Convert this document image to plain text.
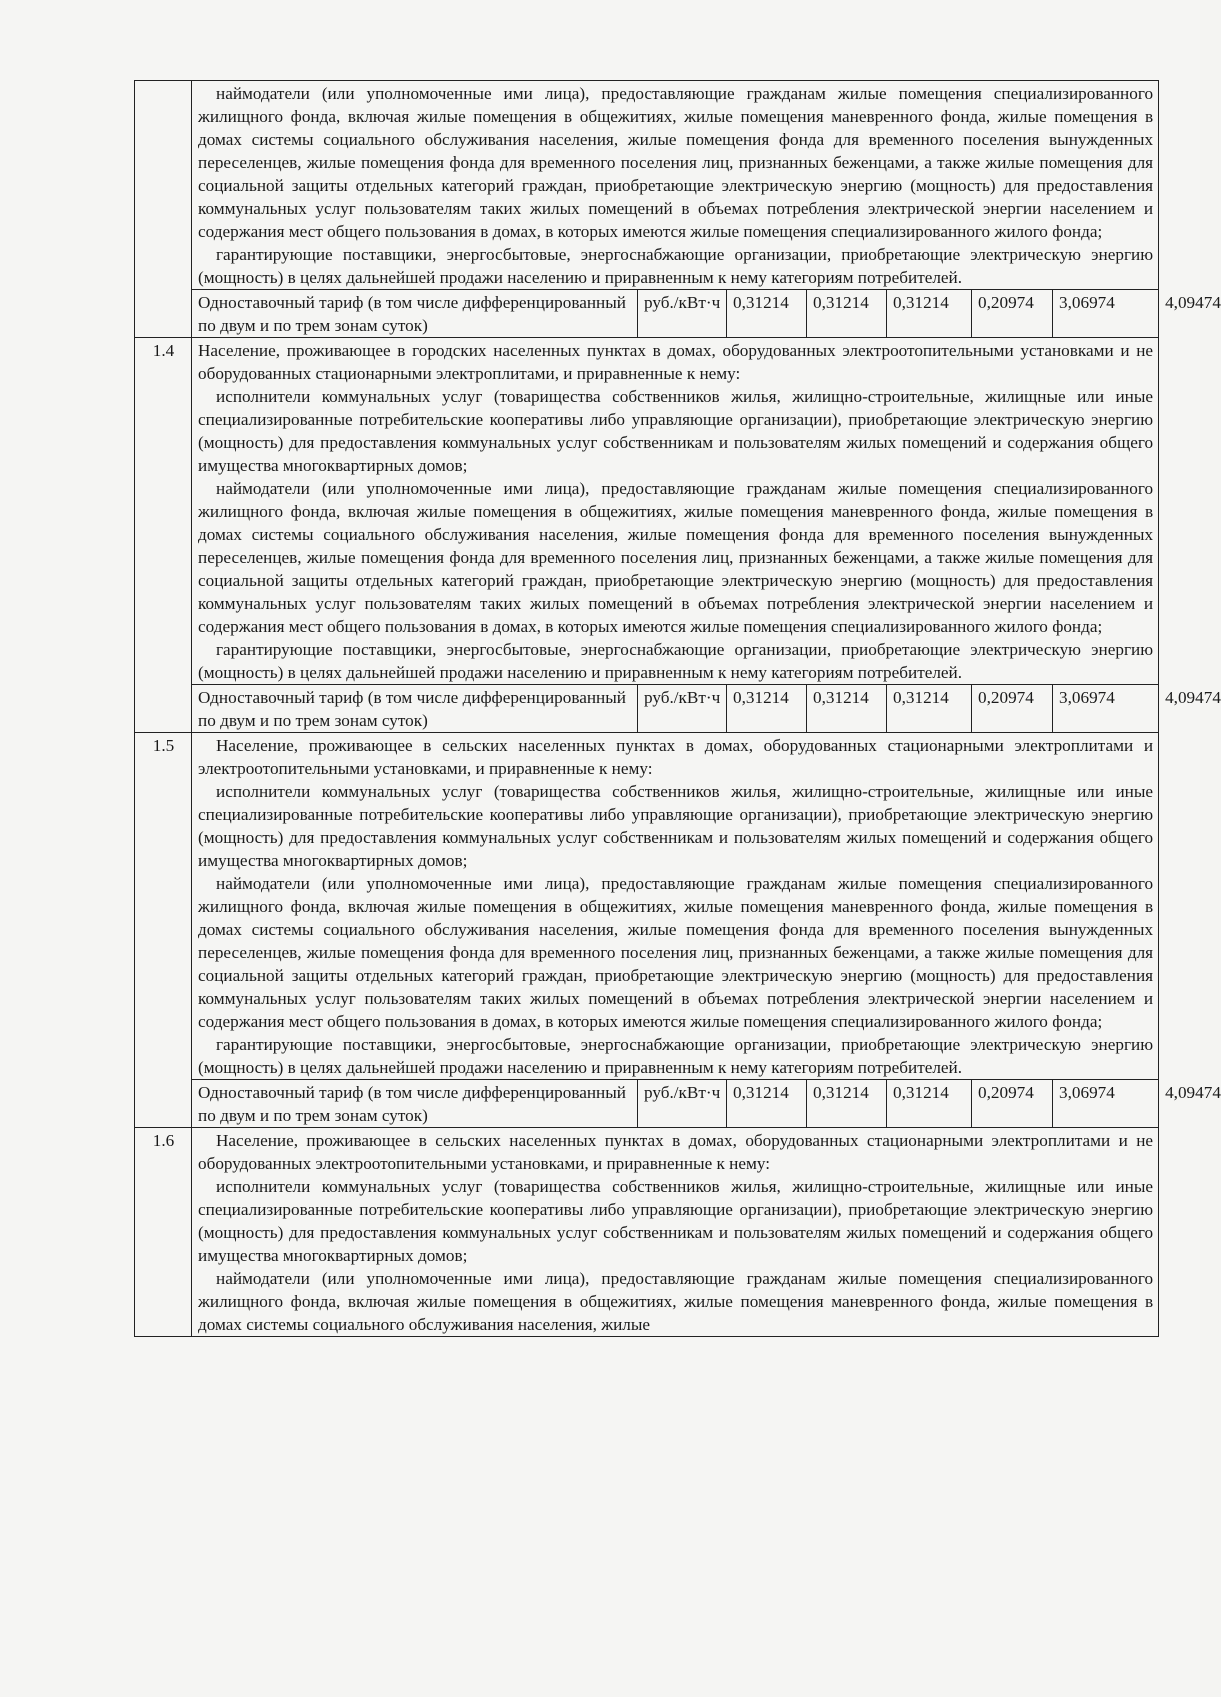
	наймодатели (или уполномоченные ими лица), предоставляющие гражданам жилые помещения специализированного жилищного фонда, включая жилые помещения в общежитиях, жилые помещения маневренного фонда, жилые помещения в домах системы социального обслуживания населения, жилые помещения фонда для временного поселения вынужденных переселенцев, жилые помещения фонда для временного поселения лиц, признанных беженцами, а также жилые помещения для социальной защиты отдельных категорий граждан, приобретающие электрическую энергию (мощность) для предоставления коммунальных услуг пользователям таких жилых помещений в объемах потребления электрической энергии населением и содержания мест общего пользования в домах, в которых имеются жилые помещения специализированного жилого фонда;

гарантирующие поставщики, энергосбытовые, энергоснабжающие организации, приобретающие электрическую энергию (мощность) в целях дальнейшей продажи населению и приравненным к нему категориям потребителей.							

	Одноставочный тариф (в том числе дифференцированный по двум и по трем зонам суток)	руб./кВт·ч	0,31214	0,31214	0,31214	0,20974	3,06974	4,09474
1.4	Население, проживающее в городских населенных пунктах в домах, оборудованных электроотопительными установками и не оборудованных стационарными электроплитами, и приравненные к нему:

исполнители коммунальных услуг (товарищества собственников жилья, жилищно-строительные, жилищные или иные специализированные потребительские кооперативы либо управляющие организации), приобретающие электрическую энергию (мощность) для предоставления коммунальных услуг собственникам и пользователям жилых помещений и содержания общего имущества многоквартирных домов;

наймодатели (или уполномоченные ими лица), предоставляющие гражданам жилые помещения специализированного жилищного фонда, включая жилые помещения в общежитиях, жилые помещения маневренного фонда, жилые помещения в домах системы социального обслуживания населения, жилые помещения фонда для временного поселения вынужденных переселенцев, жилые помещения фонда для временного поселения лиц, признанных беженцами, а также жилые помещения для социальной защиты отдельных категорий граждан, приобретающие электрическую энергию (мощность) для предоставления коммунальных услуг пользователям таких жилых помещений в объемах потребления электрической энергии населением и содержания мест общего пользования в домах, в которых имеются жилые помещения специализированного жилого фонда;

гарантирующие поставщики, энергосбытовые, энергоснабжающие организации, приобретающие электрическую энергию (мощность) в целях дальнейшей продажи населению и приравненным к нему категориям потребителей.							

	Одноставочный тариф (в том числе дифференцированный по двум и по трем зонам суток)	руб./кВт·ч	0,31214	0,31214	0,31214	0,20974	3,06974	4,09474
1.5	Население, проживающее в сельских населенных пунктах в домах, оборудованных стационарными электроплитами и электроотопительными установками, и приравненные к нему:

исполнители коммунальных услуг (товарищества собственников жилья, жилищно-строительные, жилищные или иные специализированные потребительские кооперативы либо управляющие организации), приобретающие электрическую энергию (мощность) для предоставления коммунальных услуг собственникам и пользователям жилых помещений и содержания общего имущества многоквартирных домов;

наймодатели (или уполномоченные ими лица), предоставляющие гражданам жилые помещения специализированного жилищного фонда, включая жилые помещения в общежитиях, жилые помещения маневренного фонда, жилые помещения в домах системы социального обслуживания населения, жилые помещения фонда для временного поселения вынужденных переселенцев, жилые помещения фонда для временного поселения лиц, признанных беженцами, а также жилые помещения для социальной защиты отдельных категорий граждан, приобретающие электрическую энергию (мощность) для предоставления коммунальных услуг пользователям таких жилых помещений в объемах потребления электрической энергии населением и содержания мест общего пользования в домах, в которых имеются жилые помещения специализированного жилого фонда;

гарантирующие поставщики, энергосбытовые, энергоснабжающие организации, приобретающие электрическую энергию (мощность) в целях дальнейшей продажи населению и приравненным к нему категориям потребителей.							

	Одноставочный тариф (в том числе дифференцированный по двум и по трем зонам суток)	руб./кВт·ч	0,31214	0,31214	0,31214	0,20974	3,06974	4,09474
1.6	Население, проживающее в сельских населенных пунктах в домах, оборудованных стационарными электроплитами и не оборудованных электроотопительными установками, и приравненные к нему:

исполнители коммунальных услуг (товарищества собственников жилья, жилищно-строительные, жилищные или иные специализированные потребительские кооперативы либо управляющие организации), приобретающие электрическую энергию (мощность) для предоставления коммунальных услуг собственникам и пользователям жилых помещений и содержания общего имущества многоквартирных домов;

наймодатели (или уполномоченные ими лица), предоставляющие гражданам жилые помещения специализированного жилищного фонда, включая жилые помещения в общежитиях, жилые помещения маневренного фонда, жилые помещения в домах системы социального обслуживания населения, жилые							
